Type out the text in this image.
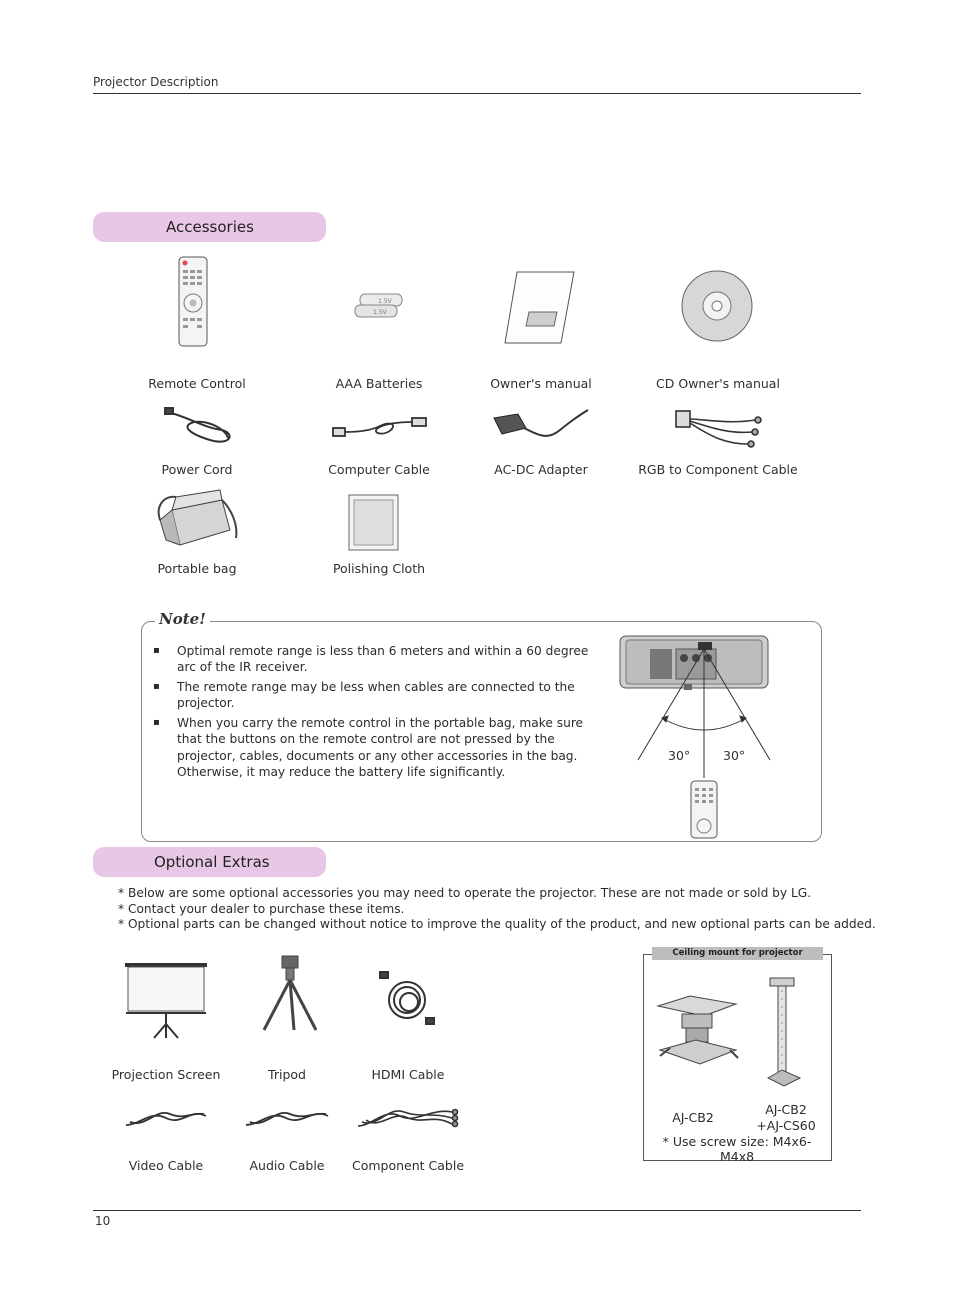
Projector Description
Accessories
1.5V
1.5V
Remote Control	AAA Batteries	Owner's manual	CD Owner's manual
Power Cord	Computer Cable	AC-DC Adapter	RGB to Component Cable
Portable bag	Polishing Cloth
Note!
▪ Optimal remote range is less than 6 meters and within a 60 degree arc of the IR receiver.
▪ The remote range may be less when cables are connected to the projector.
▪ When you carry the remote control in the portable bag, make sure that the buttons on the remote control are not pressed by the projector, cables, documents or any other accessories in the bag. Otherwise, it may reduce the battery life significantly.
30°	30°
Optional Extras
* Below are some optional accessories you may need to operate the projector. These are not made or sold by LG.
* Contact your dealer to purchase these items.
* Optional parts can be changed without notice to improve the quality of the product, and new optional parts can be added.
Projection Screen	Tripod	HDMI Cable
Video Cable	Audio Cable	Component Cable
Ceiling mount for projector
AJ-CB2
AJ-CB2
+AJ-CS60
* Use screw size: M4x6-M4x8
10
